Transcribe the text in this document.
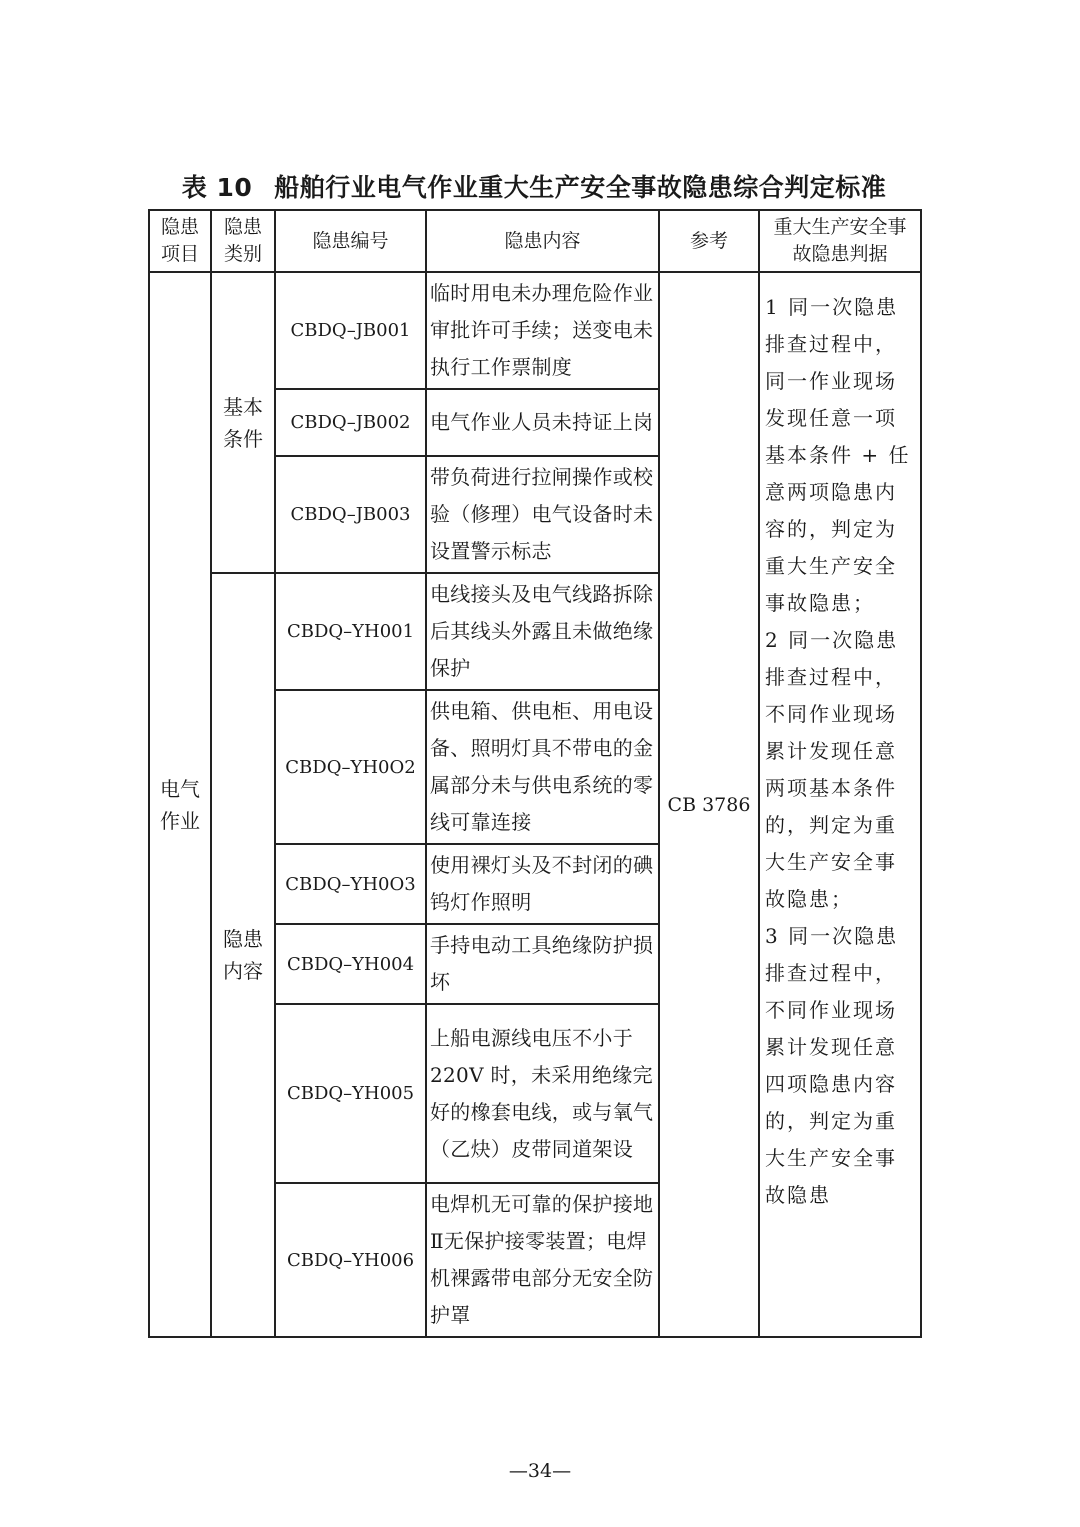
表 10 船舶行业电气作业重大生产安全事故隐患综合判定标准
隐患项目	隐患类别	隐患编号	隐患内容	参考	重大生产安全事故隐患判据
电气作业	基本条件	CBDQ–JB001	临时用电未办理危险作业审批许可手续；送变电未执行工作票制度	CB 3786	1 同一次隐患排查过程中，同一作业现场发现任意一项基本条件 + 任意两项隐患内容的，判定为重大生产安全事故隐患；

2 同一次隐患排查过程中，不同作业现场累计发现任意两项基本条件的，判定为重大生产安全事故隐患；

3 同一次隐患排查过程中，不同作业现场累计发现任意四项隐患内容的，判定为重大生产安全事故隐患

		CBDQ–JB002	电气作业人员未持证上岗		
		CBDQ–JB003	带负荷进行拉闸操作或校验（修理）电气设备时未设置警示标志		
	隐患内容	CBDQ–YH001	电线接头及电气线路拆除后其线头外露且未做绝缘保护		
		CBDQ–YH0O2	供电箱、供电柜、用电设备、照明灯具不带电的金属部分未与供电系统的零线可靠连接		
		CBDQ–YH0O3	使用裸灯头及不封闭的碘钨灯作照明		
		CBDQ–YH004	手持电动工具绝缘防护损坏		
		CBDQ–YH005	上船电源线电压不小于220V 时，未采用绝缘完好的橡套电线，或与氧气（乙炔）皮带同道架设		
		CBDQ–YH006	电焊机无可靠的保护接地Ⅱ无保护接零装置；电焊机裸露带电部分无安全防护罩		
—34—
